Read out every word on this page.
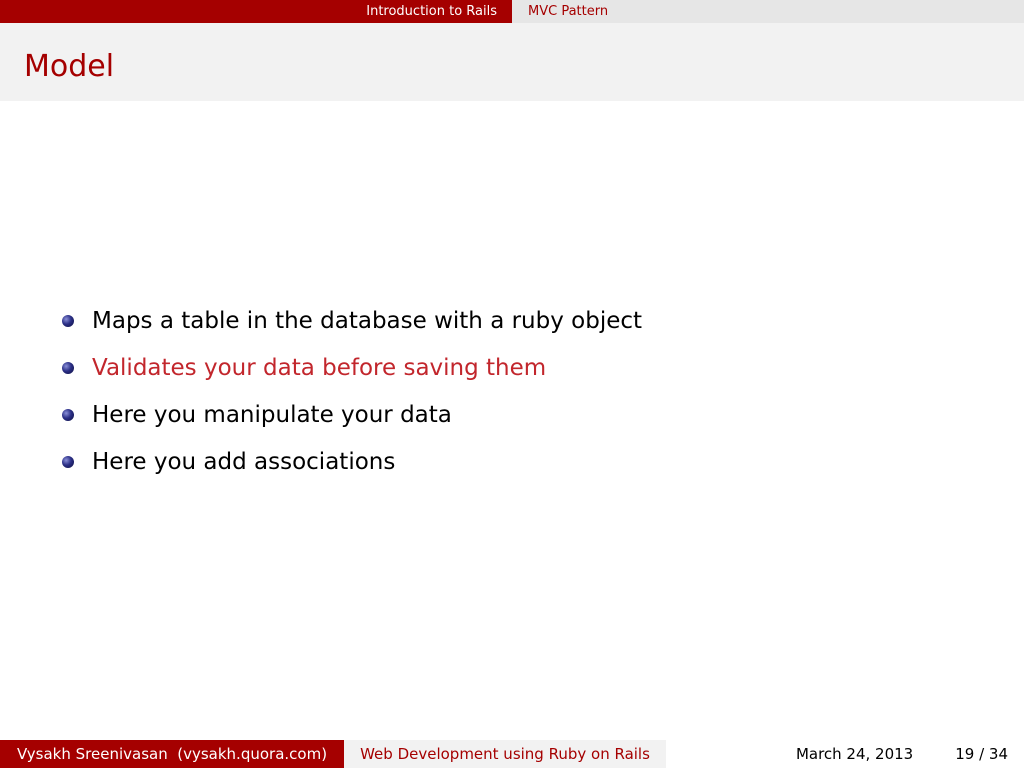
Introduction to Rails	MVC Pattern
Model
Maps a table in the database with a ruby object
Validates your data before saving them
Here you manipulate your data
Here you add associations
Vysakh Sreenivasan  (vysakh.quora.com) Web Development using Ruby on Rails	March 24, 2013	19 / 34
